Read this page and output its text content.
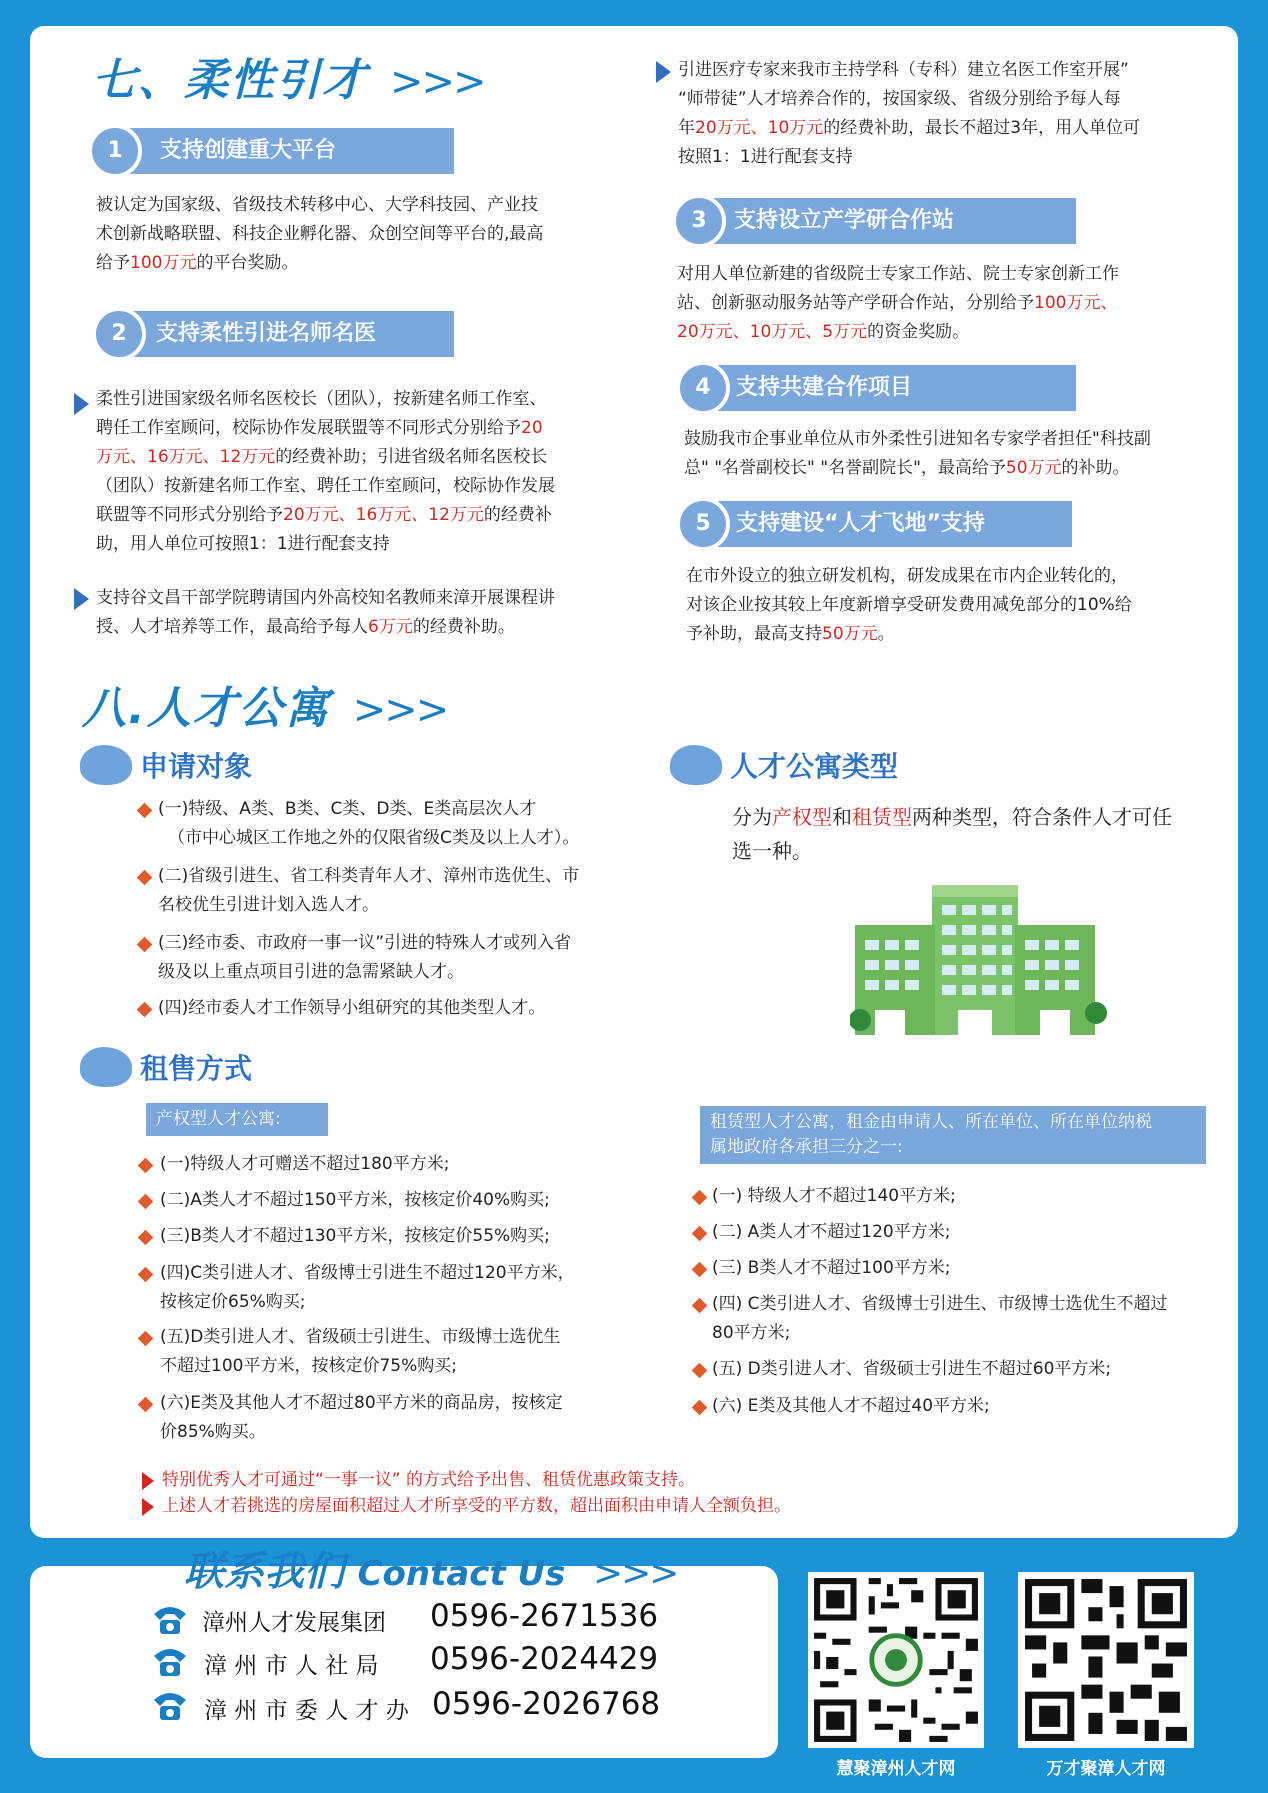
七、柔性引才 >>>
支持创建重大平台
1
被认定为国家级、省级技术转移中心、大学科技园、产业技
术创新战略联盟、科技企业孵化器、众创空间等平台的,最高
给予100万元的平台奖励。
支持柔性引进名师名医
2
柔性引进国家级名师名医校长（团队），按新建名师工作室、
聘任工作室顾问，校际协作发展联盟等不同形式分别给予20
万元、16万元、12万元的经费补助；引进省级名师名医校长
（团队）按新建名师工作室、聘任工作室顾问，校际协作发展
联盟等不同形式分别给予20万元、16万元、12万元的经费补
助，用人单位可按照1：1进行配套支持
支持谷文昌干部学院聘请国内外高校知名教师来漳开展课程讲
授、人才培养等工作，最高给予每人6万元的经费补助。
引进医疗专家来我市主持学科（专科）建立名医工作室开展”
“师带徒”人才培养合作的，按国家级、省级分别给予每人每
年20万元、10万元的经费补助，最长不超过3年，用人单位可
按照1：1进行配套支持
支持设立产学研合作站
3
对用人单位新建的省级院士专家工作站、院士专家创新工作
站、创新驱动服务站等产学研合作站，分别给予100万元、
20万元、10万元、5万元的资金奖励。
支持共建合作项目
4
鼓励我市企事业单位从市外柔性引进知名专家学者担任"科技副
总" "名誉副校长" "名誉副院长"，最高给予50万元的补助。
支持建设“人才飞地”支持
5
在市外设立的独立研发机构，研发成果在市内企业转化的，
对该企业按其较上年度新增享受研发费用减免部分的10%给
予补助，最高支持50万元。
八.人才公寓 >>>
申请对象
(一)特级、A类、B类、C类、D类、E类高层次人才
（市中心城区工作地之外的仅限省级C类及以上人才）。
(二)省级引进生、省工科类青年人才、漳州市选优生、市
名校优生引进计划入选人才。
(三)经市委、市政府一事一议”引进的特殊人才或列入省
级及以上重点项目引进的急需紧缺人才。
(四)经市委人才工作领导小组研究的其他类型人才。
人才公寓类型
分为产权型和租赁型两种类型，符合条件人才可任
选一种。
租售方式
产权型人才公寓:
(一)特级人才可赠送不超过180平方米;
(二)A类人才不超过150平方米，按核定价40%购买;
(三)B类人才不超过130平方米，按核定价55%购买;
(四)C类引进人才、省级博士引进生不超过120平方米，
按核定价65%购买;
(五)D类引进人才、省级硕士引进生、市级博士选优生
不超过100平方米，按核定价75%购买;
(六)E类及其他人才不超过80平方米的商品房，按核定
价85%购买。
租赁型人才公寓，租金由申请人、所在单位、所在单位纳税
属地政府各承担三分之一:
(一) 特级人才不超过140平方米;
(二) A类人才不超过120平方米;
(三) B类人才不超过100平方米;
(四) C类引进人才、省级博士引进生、市级博士选优生不超过
80平方米;
(五) D类引进人才、省级硕士引进生不超过60平方米;
(六) E类及其他人才不超过40平方米;
特别优秀人才可通过“一事一议” 的方式给予出售、租赁优惠政策支持。
上述人才若挑选的房屋面积超过人才所享受的平方数，超出面积由申请人全额负担。
联系我们 Contact Us >>>
漳州人才发展集团 0596-2671536
漳 州 市 人 社 局 0596-2024429
漳 州 市 委 人 才 办 0596-2026768
慧聚漳州人才网	万才聚漳人才网
